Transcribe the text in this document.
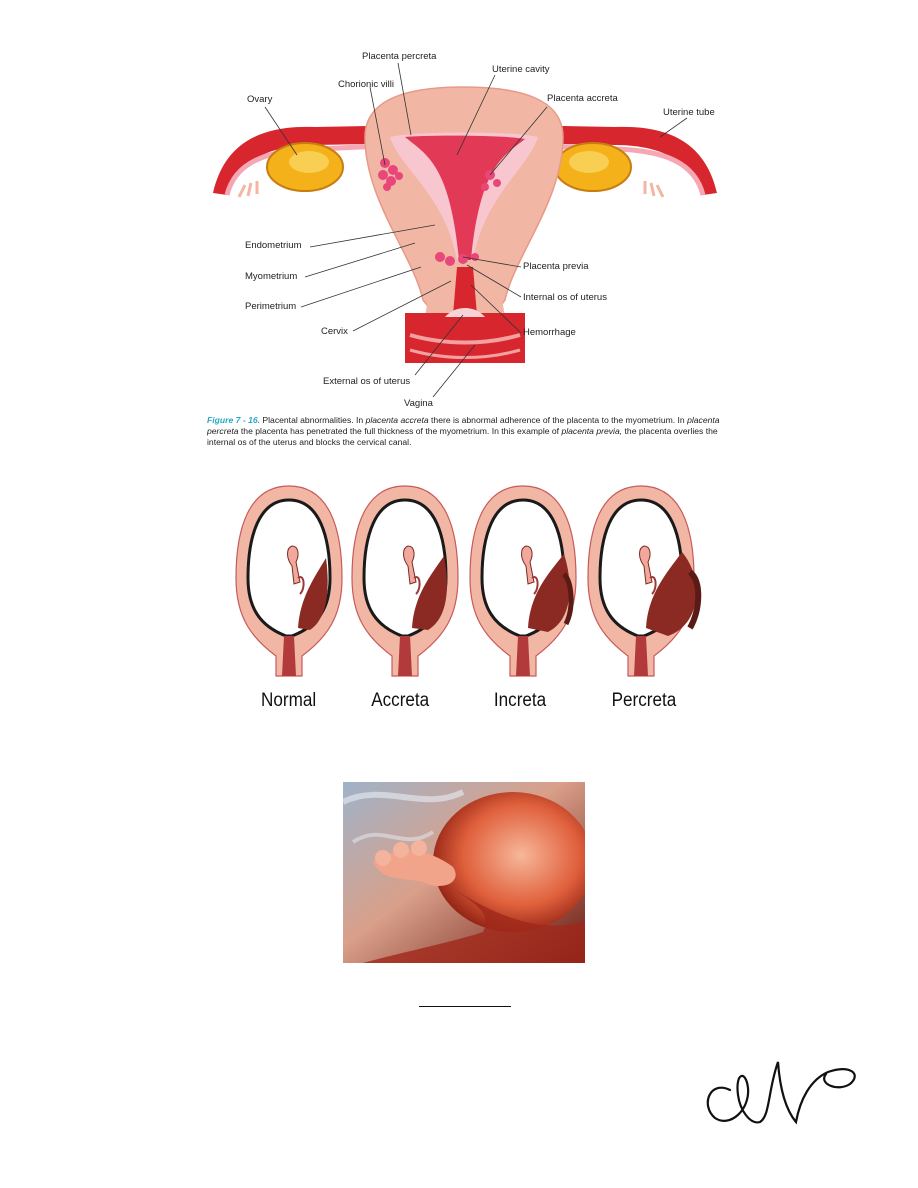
Placenta percreta
Uterine cavity
Chorionic villi
Placenta accreta
Ovary
Uterine tube
Endometrium
Myometrium
Perimetrium
Cervix
Placenta previa
Internal os of uterus
Hemorrhage
External os of uterus
Vagina
Figure 7 - 16. Placental abnormalities. In placenta accreta there is abnormal adherence of the placenta to the myometrium. In placenta percreta the placenta has penetrated the full thickness of the myometrium. In this example of placenta previa, the placenta overlies the internal os of the uterus and blocks the cervical canal.
Normal	Accreta	Increta	Percreta
